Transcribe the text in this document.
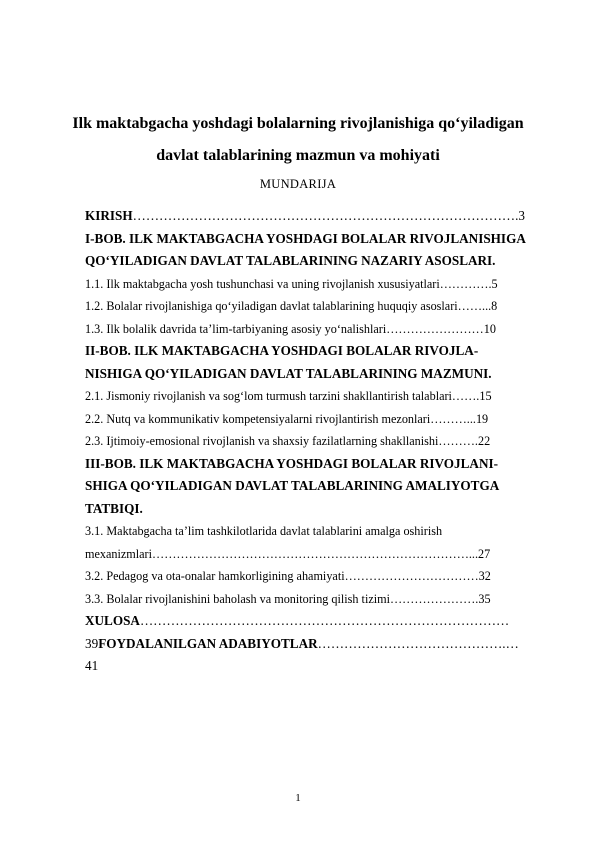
Ilk maktabgacha yoshdagi bolalarning rivojlanishiga qo‘yiladigan
davlat talablarining mazmun va mohiyati
MUNDARIJA
KIRISH…………………………………………………………………………….3
I-BOB. ILK MAKTABGACHA YOSHDAGI BOLALAR RIVOJLANISHIGA
QO‘YILADIGAN DAVLAT TALABLARINING NAZARIY ASOSLARI.
1.1. Ilk maktabgacha yosh tushunchasi va uning rivojlanish xususiyatlari………….5
1.2. Bolalar rivojlanishiga qo‘yiladigan davlat talablarining huquqiy asoslari……...8
1.3. Ilk bolalik davrida ta’lim-tarbiyaning asosiy yo‘nalishlari……………………10
II-BOB. ILK MAKTABGACHA YOSHDAGI BOLALAR RIVOJLA-
NISHIGA QO‘YILADIGAN DAVLAT TALABLARINING MAZMUNI.
2.1. Jismoniy rivojlanish va sog‘lom turmush tarzini shakllantirish talablari…….15
2.2. Nutq va kommunikativ kompetensiyalarni rivojlantirish mezonlari………...19
2.3. Ijtimoiy-emosional rivojlanish va shaxsiy fazilatlarning shakllanishi……….22
III-BOB. ILK MAKTABGACHA YOSHDAGI BOLALAR RIVOJLANI-
SHIGA QO‘YILADIGAN DAVLAT TALABLARINING AMALIYOTGA
TATBIQI.
3.1. Maktabgacha ta’lim tashkilotlarida davlat talablarini amalga oshirish
mexanizmlari……………………………………………………………………...27
3.2. Pedagog va ota-onalar hamkorligining ahamiyati……………………………32
3.3. Bolalar rivojlanishini baholash va monitoring qilish tizimi………………….35
XULOSA…………………………………………………………………………
39FOYDALANILGAN ADABIYOTLAR…………………………………….…
41
1
